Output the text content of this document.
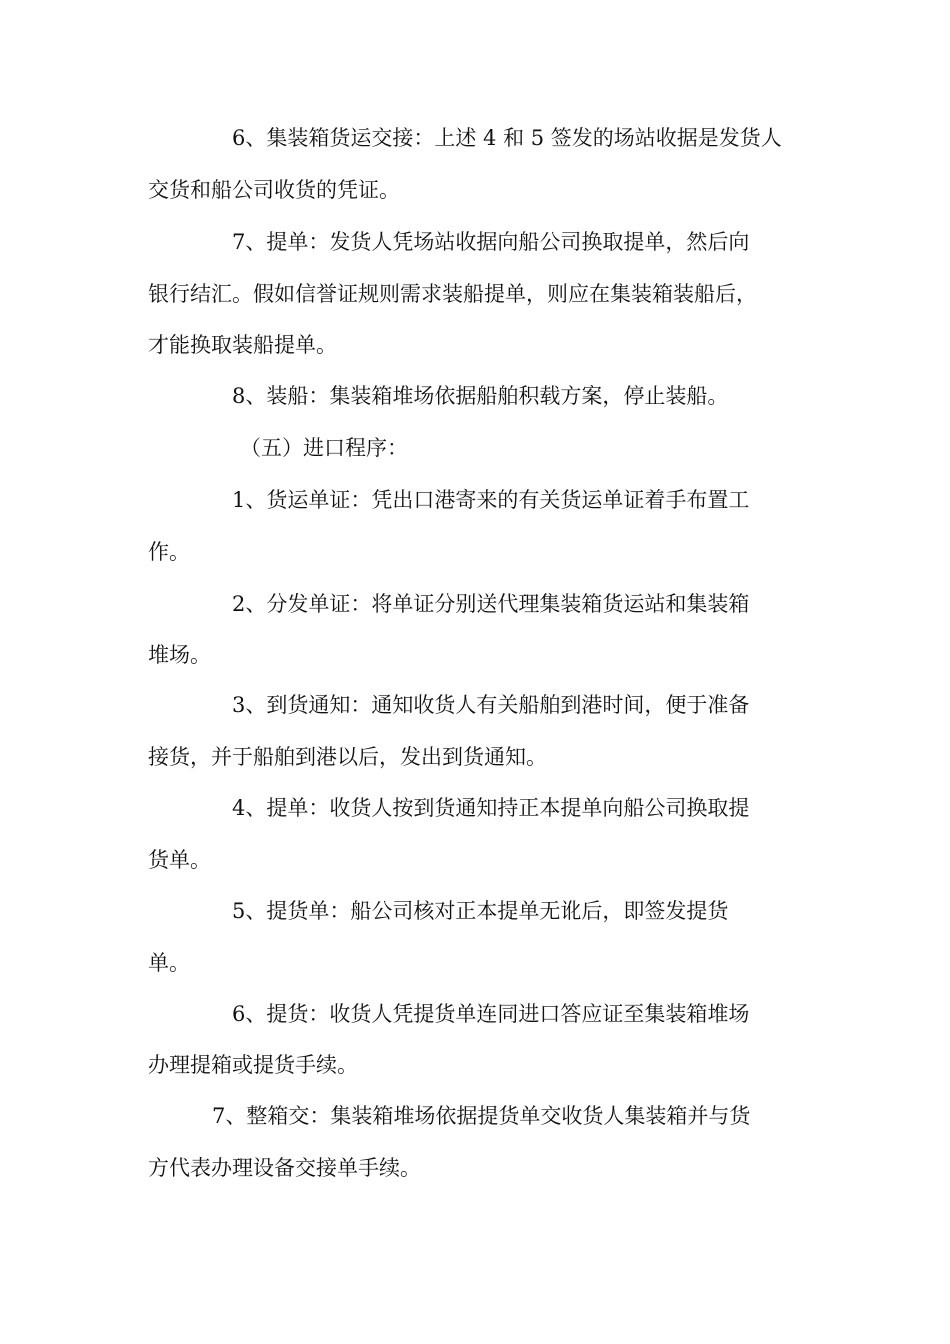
6、集装箱货运交接：上述 4 和 5 签发的场站收据是发货人
交货和船公司收货的凭证。
7、提单：发货人凭场站收据向船公司换取提单，然后向
银行结汇。假如信誉证规则需求装船提单，则应在集装箱装船后，
才能换取装船提单。
8、装船：集装箱堆场依据船舶积载方案，停止装船。
（五）进口程序：
1、货运单证：凭出口港寄来的有关货运单证着手布置工
作。
2、分发单证：将单证分别送代理集装箱货运站和集装箱
堆场。
3、到货通知：通知收货人有关船舶到港时间，便于准备
接货，并于船舶到港以后，发出到货通知。
4、提单：收货人按到货通知持正本提单向船公司换取提
货单。
5、提货单：船公司核对正本提单无讹后，即签发提货
单。
6、提货：收货人凭提货单连同进口答应证至集装箱堆场
办理提箱或提货手续。
7、整箱交：集装箱堆场依据提货单交收货人集装箱并与货
方代表办理设备交接单手续。
